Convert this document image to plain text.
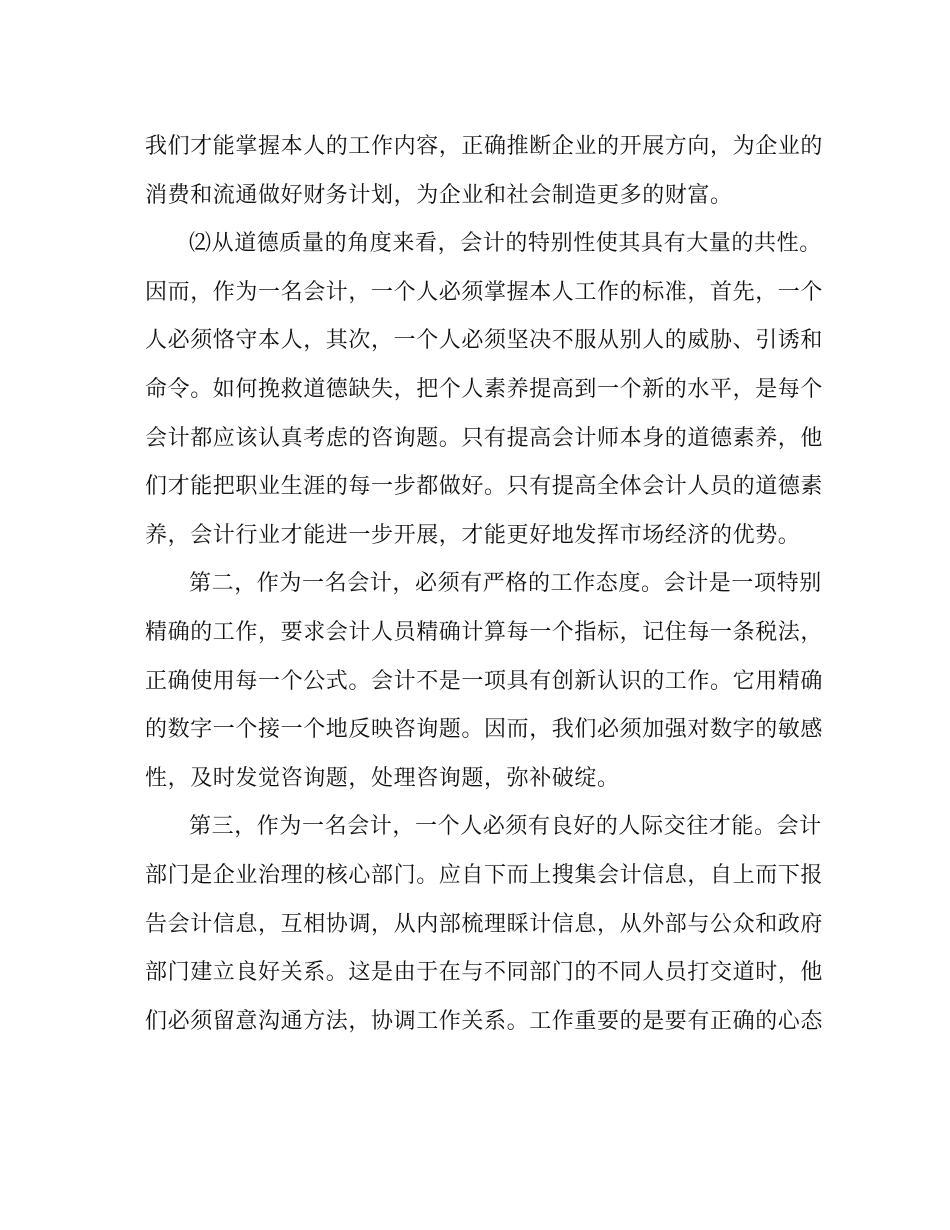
我们才能掌握本人的工作内容，正确推断企业的开展方向，为企业的
消费和流通做好财务计划，为企业和社会制造更多的财富。
⑵从道德质量的角度来看，会计的特别性使其具有大量的共性。
因而，作为一名会计，一个人必须掌握本人工作的标准，首先，一个
人必须恪守本人，其次，一个人必须坚决不服从别人的威胁、引诱和
命令。如何挽救道德缺失，把个人素养提高到一个新的水平，是每个
会计都应该认真考虑的咨询题。只有提高会计师本身的道德素养，他
们才能把职业生涯的每一步都做好。只有提高全体会计人员的道德素
养，会计行业才能进一步开展，才能更好地发挥市场经济的优势。
第二，作为一名会计，必须有严格的工作态度。会计是一项特别
精确的工作，要求会计人员精确计算每一个指标，记住每一条税法，
正确使用每一个公式。会计不是一项具有创新认识的工作。它用精确
的数字一个接一个地反映咨询题。因而，我们必须加强对数字的敏感
性，及时发觉咨询题，处理咨询题，弥补破绽。
第三，作为一名会计，一个人必须有良好的人际交往才能。会计
部门是企业治理的核心部门。应自下而上搜集会计信息，自上而下报
告会计信息，互相协调，从内部梳理睬计信息，从外部与公众和政府
部门建立良好关系。这是由于在与不同部门的不同人员打交道时，他
们必须留意沟通方法，协调工作关系。工作重要的是要有正确的心态
